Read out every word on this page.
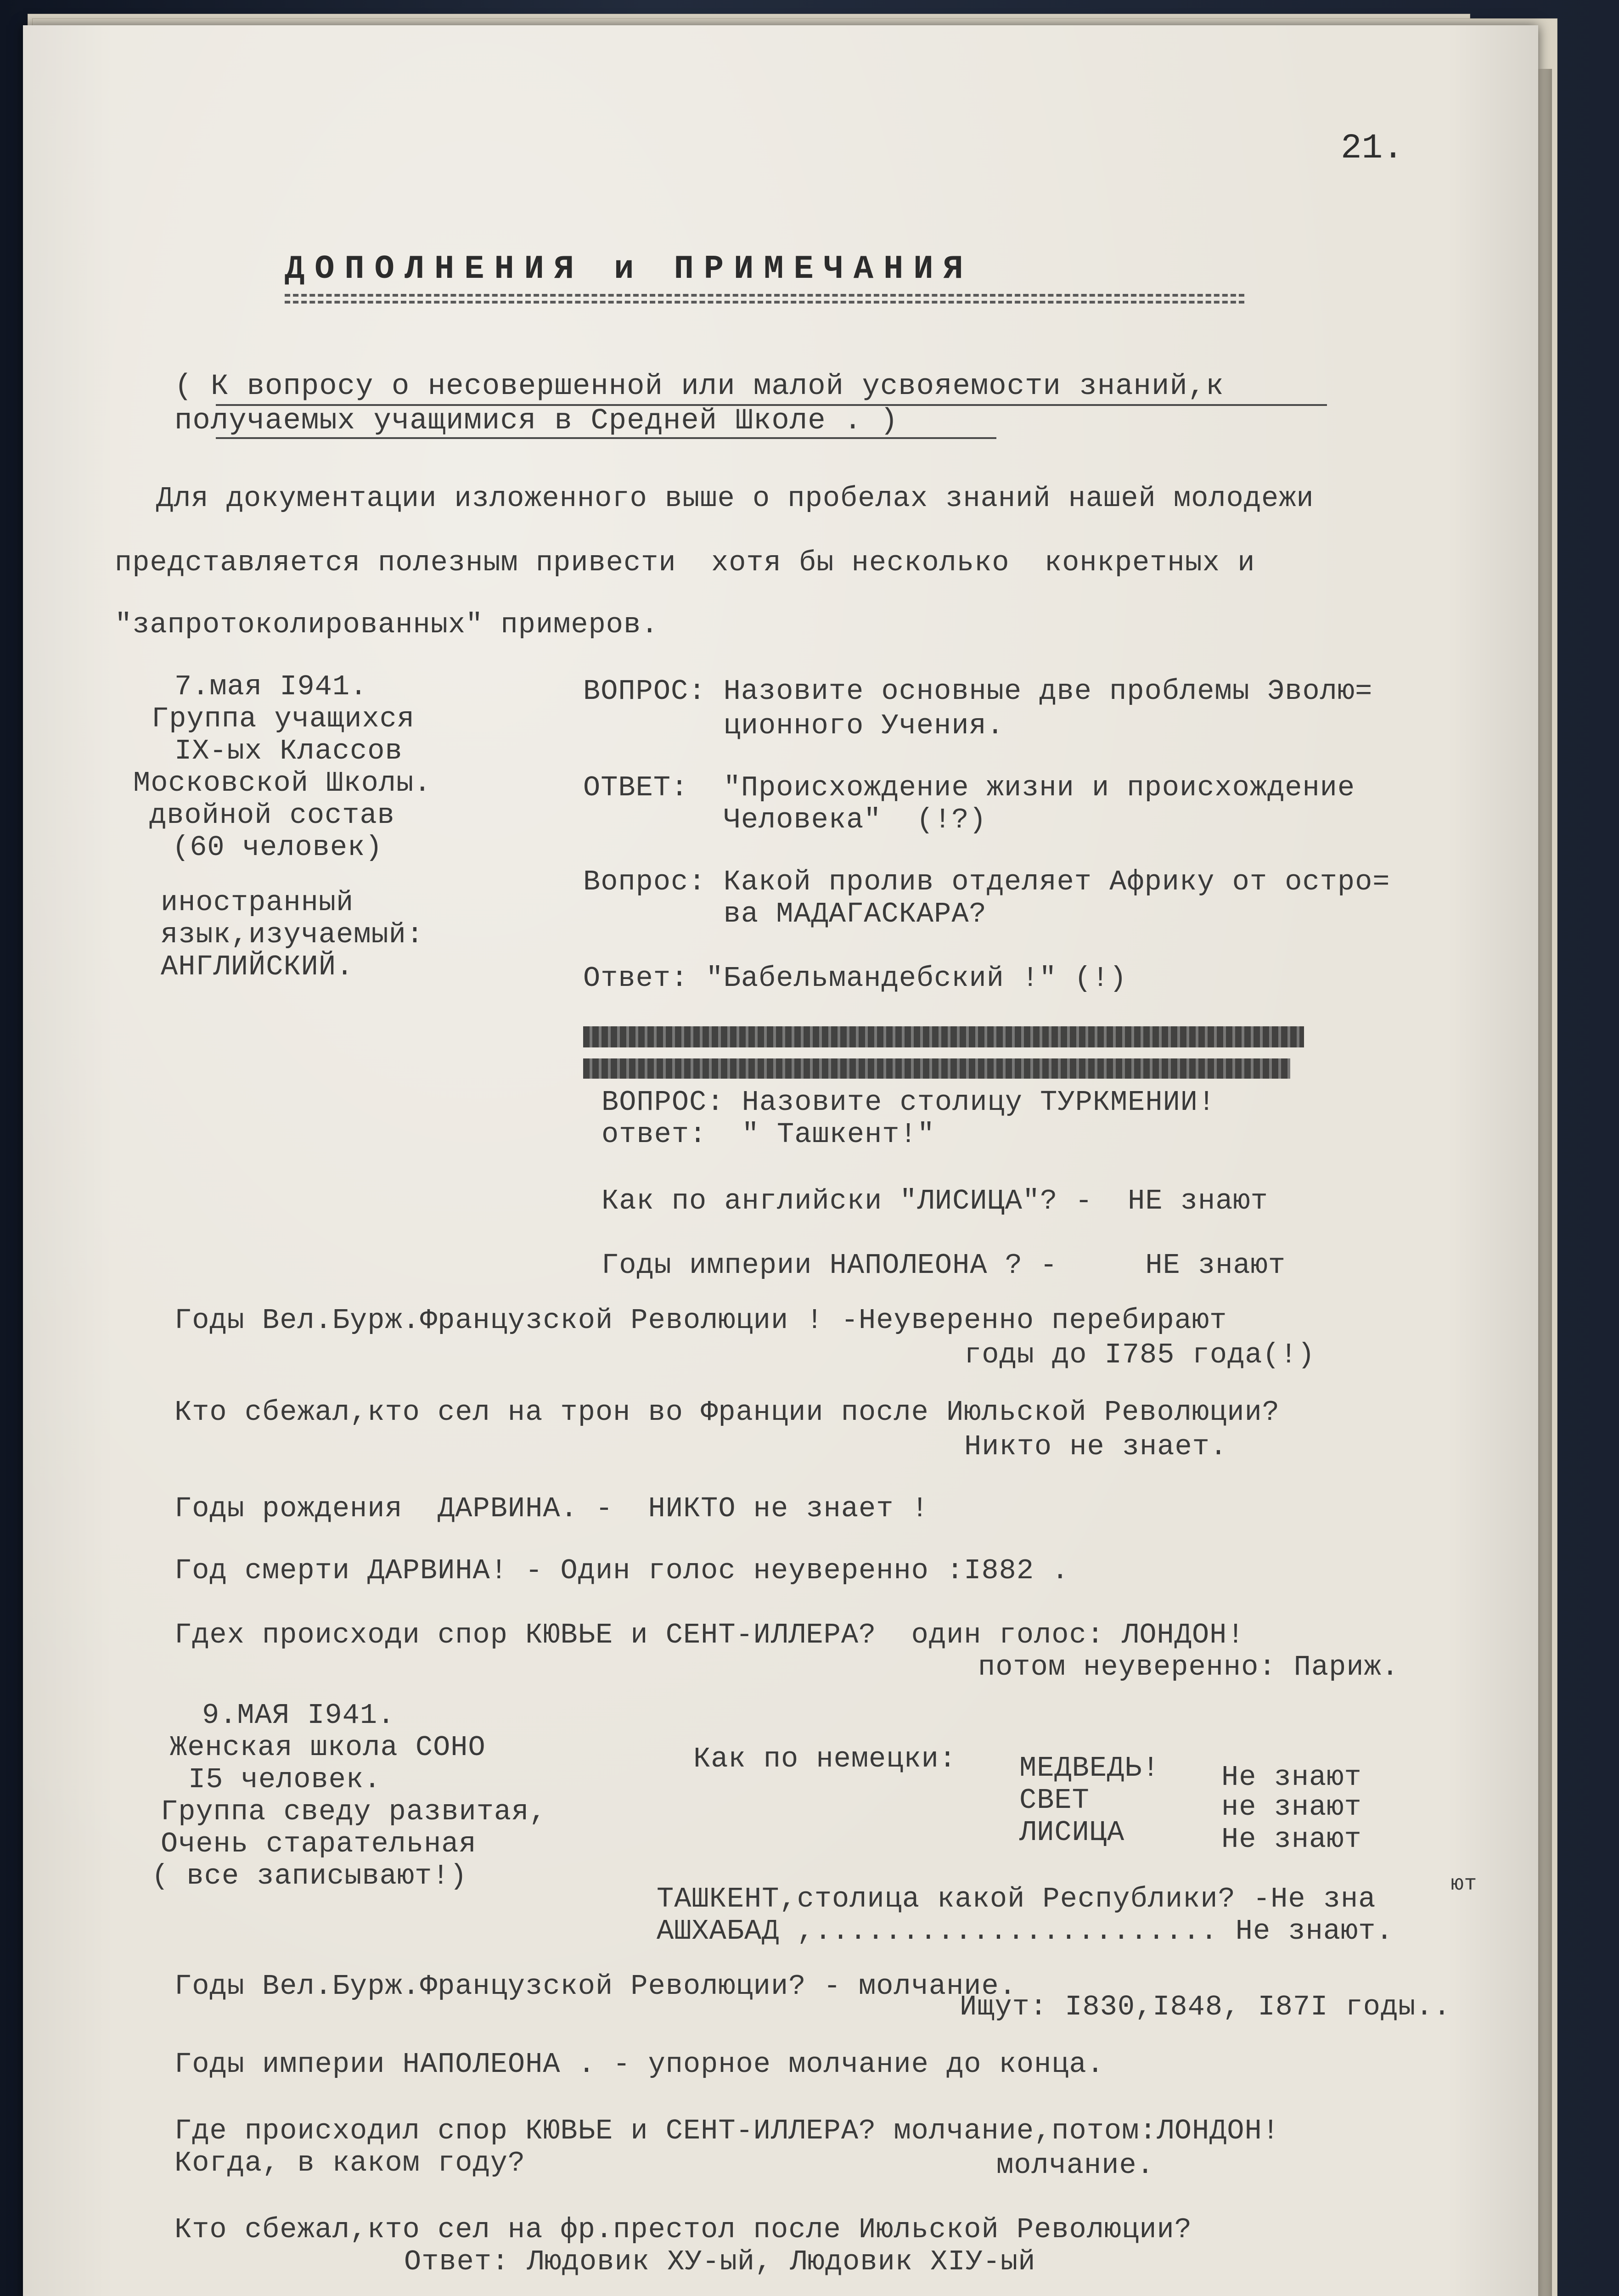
21.
ДОПОЛНЕНИЯ и ПРИМЕЧАНИЯ
( К вопросу о несовершенной или малой усвояемости знаний,к
получаемых учащимися в Средней Школе . )
Для документации изложенного выше о пробелах знаний нашей молодежи
представляется полезным привести  хотя бы несколько  конкретных и
"запротоколированных" примеров.
7.мая I941.
Группа учащихся
IX-ых Классов
Московской Школы.
двойной состав
(60 человек)
иностранный
язык,изучаемый:
АНГЛИЙСКИЙ.
ВОПРОС: Назовите основные две проблемы Эволю=
ционного Учения.
ОТВЕТ:  "Происхождение жизни и происхождение
Человека"  (!?)
Вопрос: Какой пролив отделяет Африку от остро=
ва МАДАГАСКАРА?
Ответ: "Бабельмандебский !" (!)
ВОПРОС: Назовите столицу ТУРКМЕНИИ!
ответ:  " Ташкент!"
Как по английски "ЛИСИЦА"? -  НЕ знают
Годы империи НАПОЛЕОНА ? -     НЕ знают
Годы Вел.Бурж.Французской Революции ! -Неуверенно перебирают
годы до I785 года(!)
Кто сбежал,кто сел на трон во Франции после Июльской Революции?
Никто не знает.
Годы рождения  ДАРВИНА. -  НИКТО не знает !
Год смерти ДАРВИНА! - Один голос неуверенно :I882 .
Гдех происходи спор КЮВЬЕ и СЕНТ-ИЛЛЕРА?  один голос: ЛОНДОН!
потом неуверенно: Париж.
9.МАЯ I941.
Женская школа СОНО
I5 человек.
Группа сведу развитая,
Очень старательная
( все записывают!)
Как по немецки: МЕДВЕДЬ!
СВЕТ
ЛИСИЦА
Не знают
не знают
Не знают
ТАШКЕНТ,столица какой Республики? -Не зна	ют
АШХАБАД ,....................... Не знают.
Годы Вел.Бурж.Французской Революции? - молчание.
Ищут: I830,I848, I87I годы..
Годы империи НАПОЛЕОНА . - упорное молчание до конца.
Где происходил спор КЮВЬЕ и СЕНТ-ИЛЛЕРА? молчание,потом:ЛОНДОН!
Когда, в каком году?	молчание.
Кто сбежал,кто сел на фр.престол после Июльской Революции?
Ответ: Людовик ХУ-ый, Людовик XIУ-ый
